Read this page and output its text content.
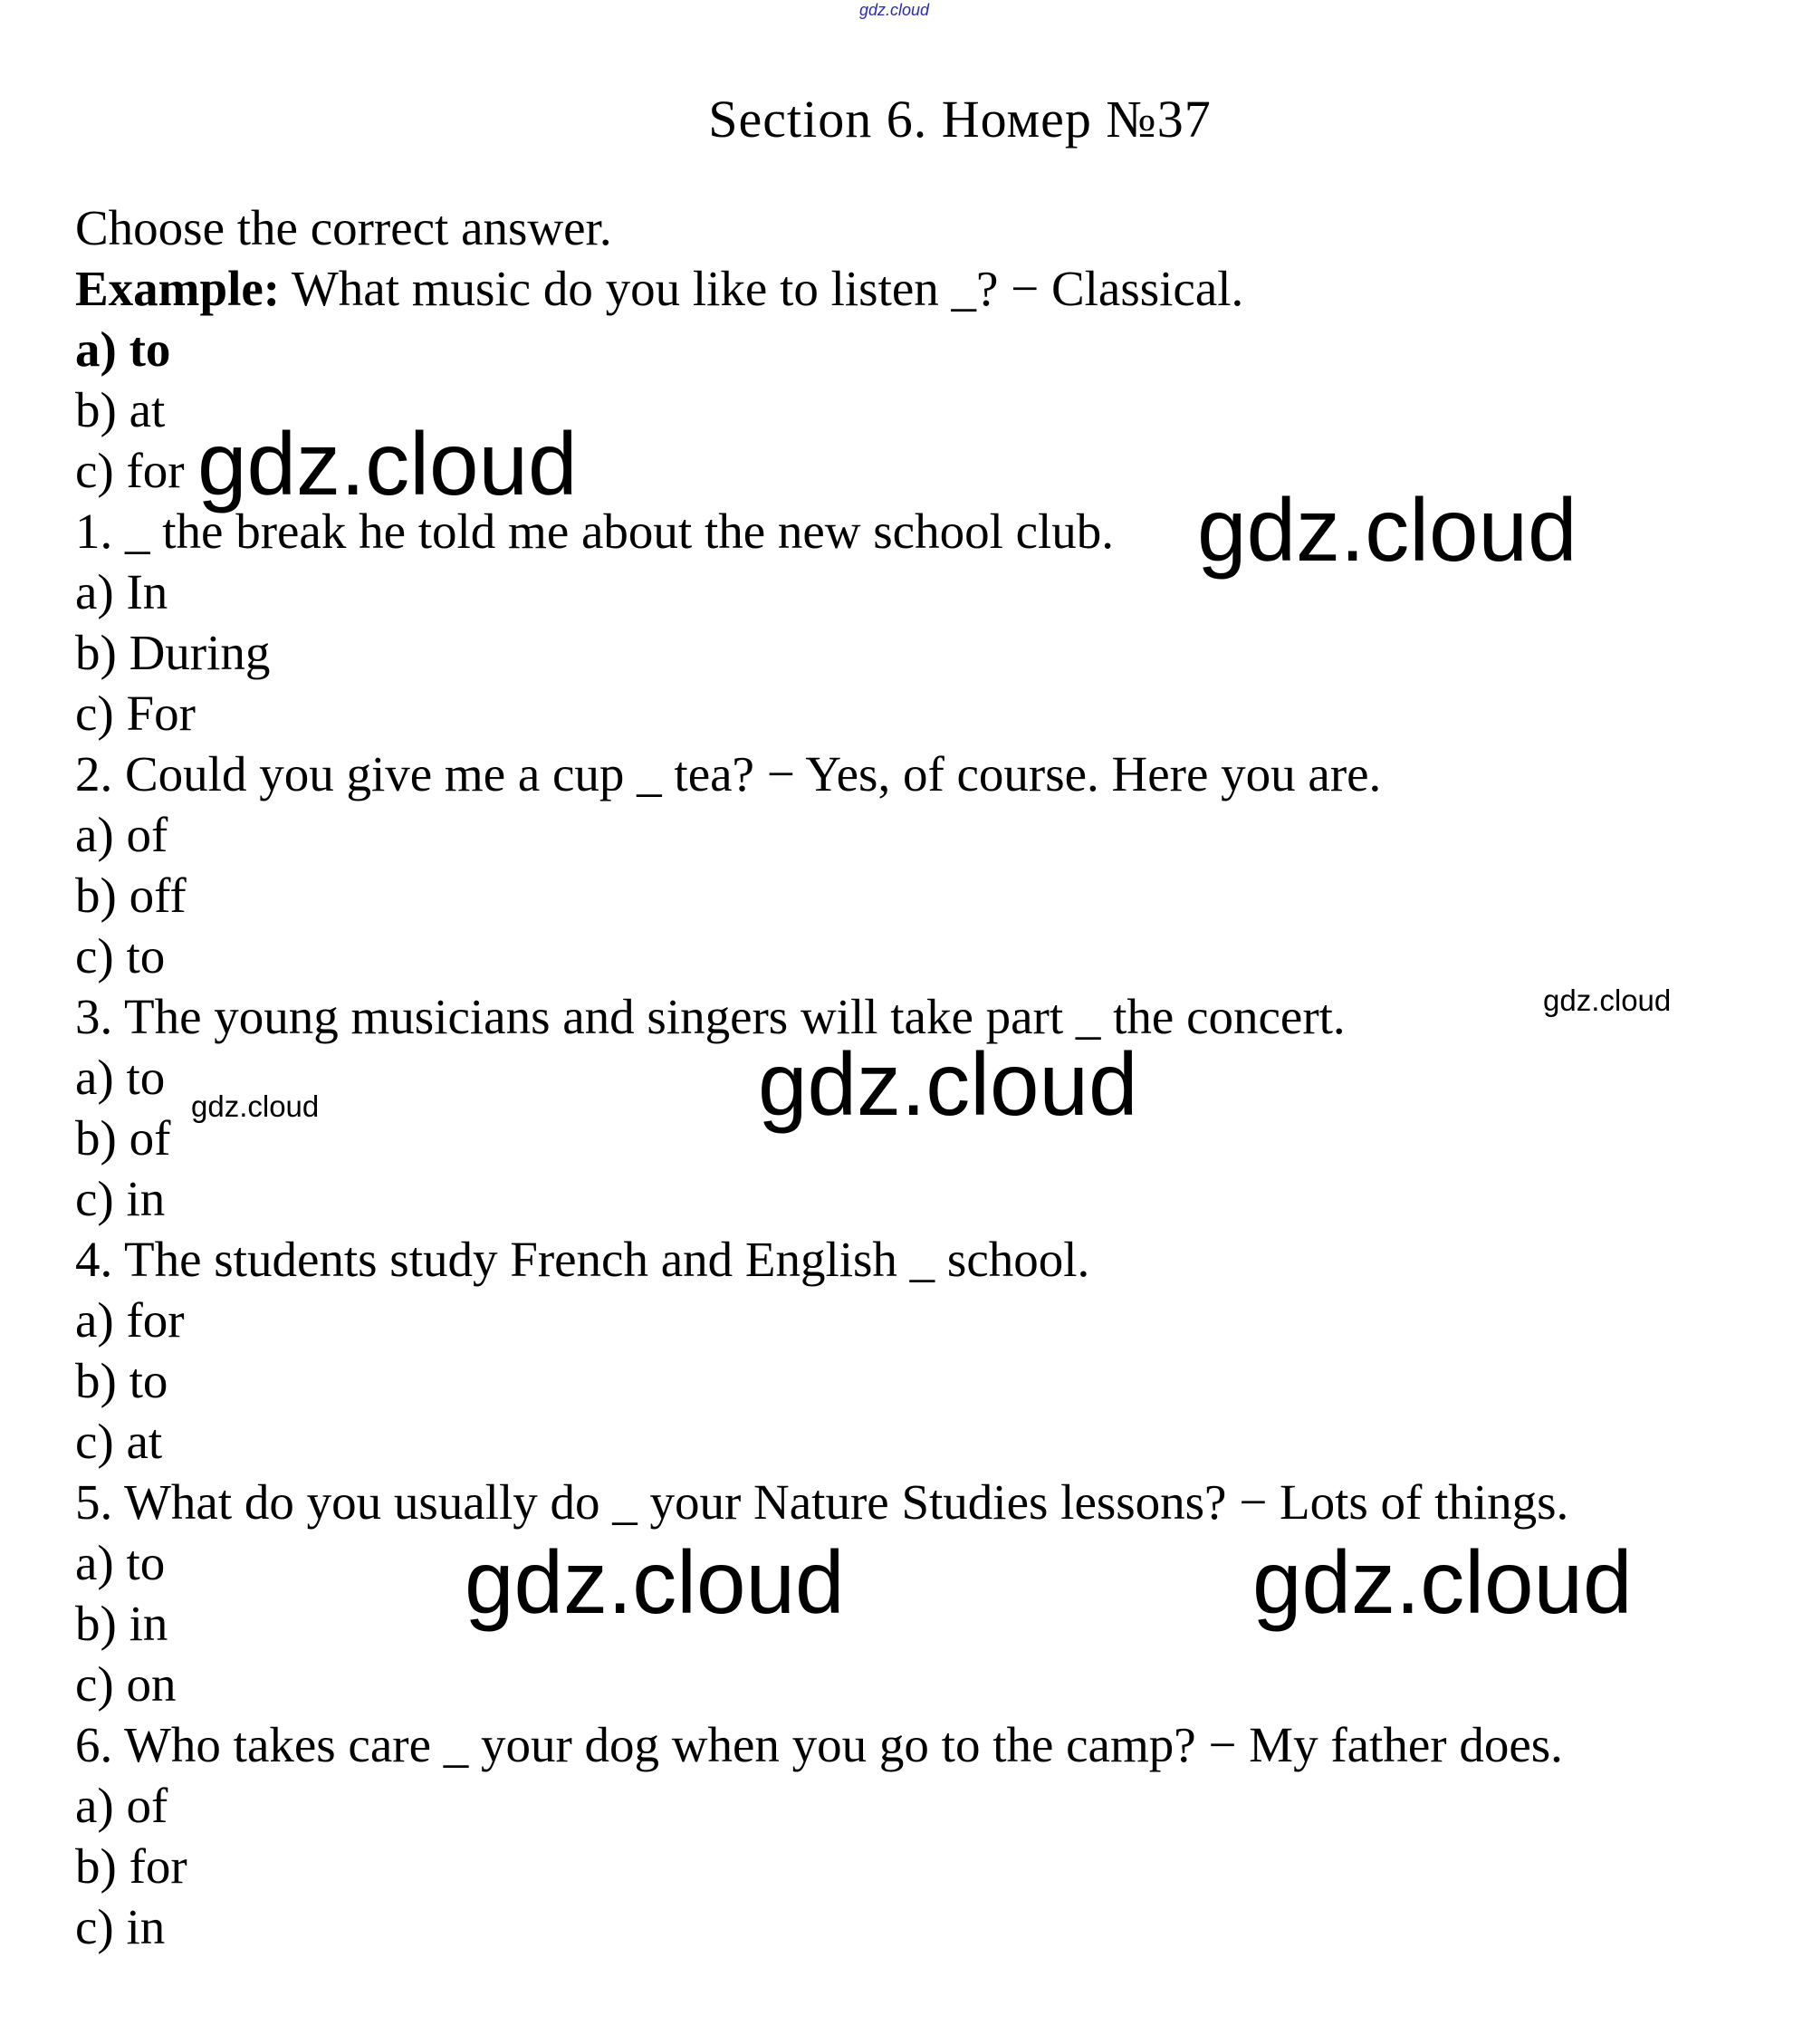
gdz.cloud
Section 6. Номер №37
Choose the correct answer.
Example: What music do you like to listen _? − Classical.
a) to
b) at
c) for
1. _ the break he told me about the new school club.
a) In
b) During
c) For
2. Could you give me a cup _ tea? − Yes, of course. Here you are.
a) of
b) off
c) to
3. The young musicians and singers will take part _ the concert.
a) to
b) of
c) in
4. The students study French and English _ school.
a) for
b) to
c) at
5. What do you usually do _ your Nature Studies lessons? − Lots of things.
a) to
b) in
c) on
6. Who takes care _ your dog when you go to the camp? − My father does.
a) of
b) for
c) in
gdz.cloud
gdz.cloud
gdz.cloud
gdz.cloud
gdz.cloud
gdz.cloud	gdz.cloud
